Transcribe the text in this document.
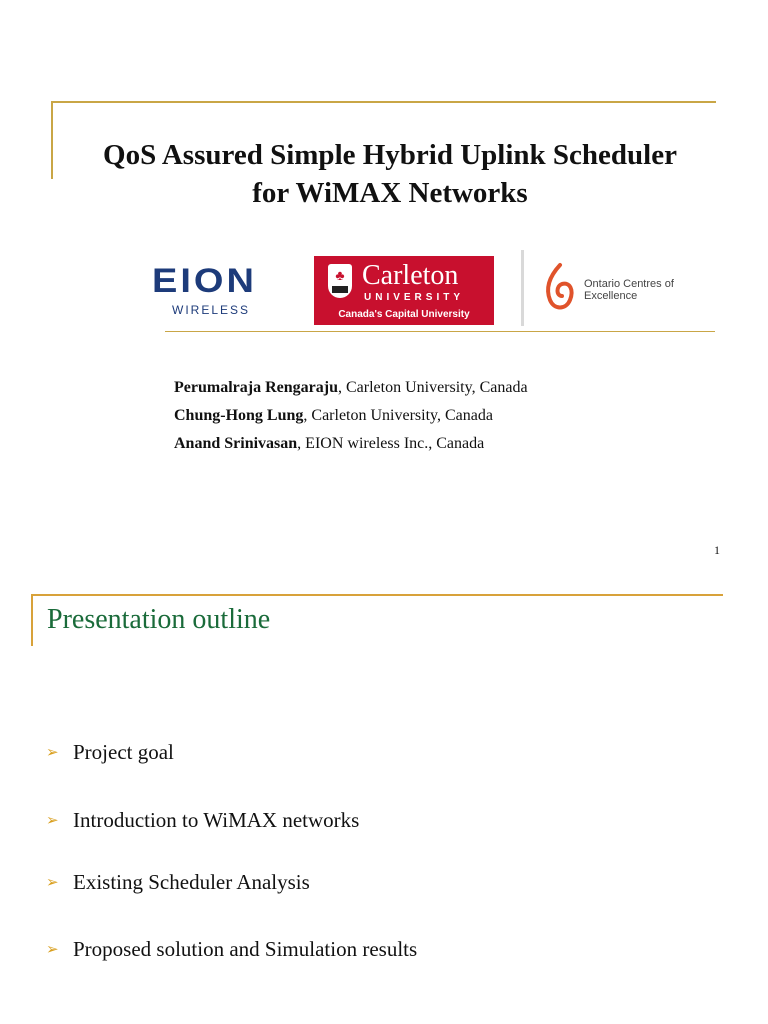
QoS Assured Simple Hybrid Uplink Scheduler
for WiMAX Networks
EION
WIRELESS
♣ Carleton
UNIVERSITY
Canada's Capital University
Ontario Centres of
Excellence
Perumalraja Rengaraju, Carleton University, Canada
Chung-Hong Lung, Carleton University, Canada
Anand Srinivasan, EION wireless Inc., Canada
1
Presentation outline
➢ Project goal
➢ Introduction to WiMAX networks
➢ Existing Scheduler Analysis
➢ Proposed solution and Simulation results
